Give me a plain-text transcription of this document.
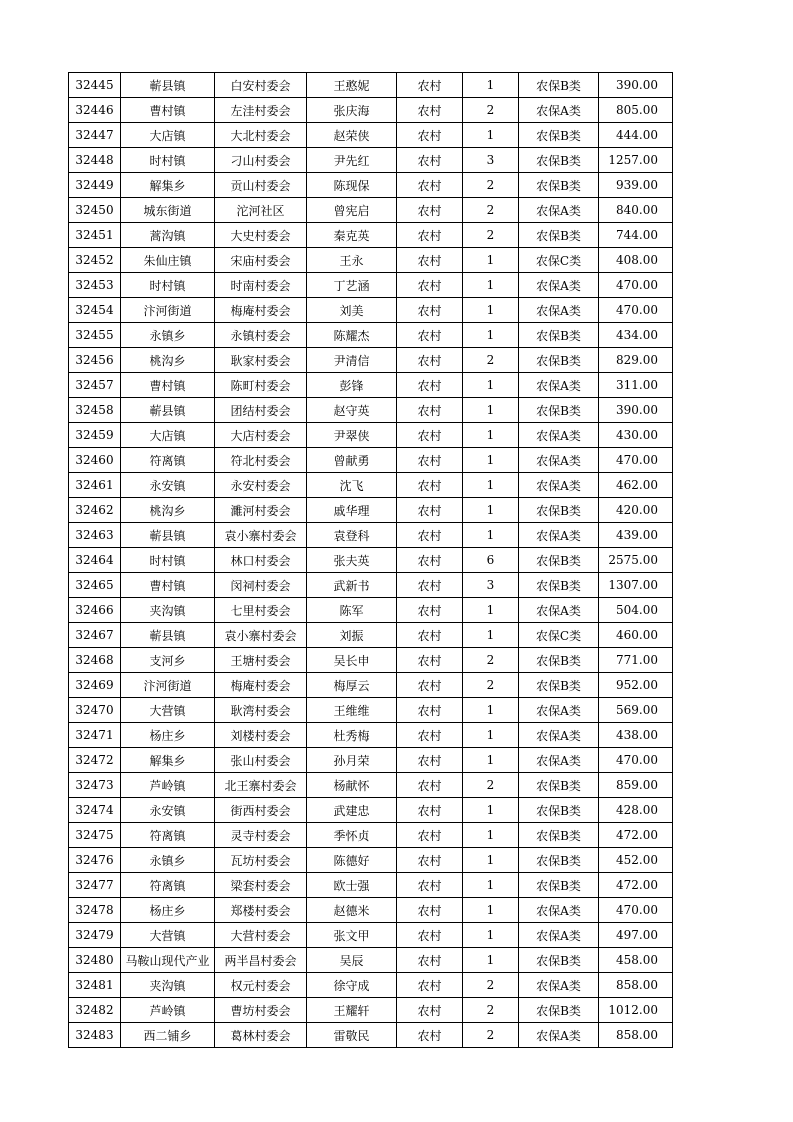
32445	蕲县镇	白安村委会	王憨妮	农村	1	农保B类	390.00
32446	曹村镇	左洼村委会	张庆海	农村	2	农保A类	805.00
32447	大店镇	大北村委会	赵荣侠	农村	1	农保B类	444.00
32448	时村镇	刁山村委会	尹先红	农村	3	农保B类	1257.00
32449	解集乡	贡山村委会	陈现保	农村	2	农保B类	939.00
32450	城东街道	沱河社区	曾宪启	农村	2	农保A类	840.00
32451	蒿沟镇	大史村委会	秦克英	农村	2	农保B类	744.00
32452	朱仙庄镇	宋庙村委会	王永	农村	1	农保C类	408.00
32453	时村镇	时南村委会	丁艺涵	农村	1	农保A类	470.00
32454	汴河街道	梅庵村委会	刘美	农村	1	农保A类	470.00
32455	永镇乡	永镇村委会	陈耀杰	农村	1	农保B类	434.00
32456	桃沟乡	耿家村委会	尹清信	农村	2	农保B类	829.00
32457	曹村镇	陈町村委会	彭锋	农村	1	农保A类	311.00
32458	蕲县镇	团结村委会	赵守英	农村	1	农保B类	390.00
32459	大店镇	大店村委会	尹翠侠	农村	1	农保A类	430.00
32460	符离镇	符北村委会	曾献勇	农村	1	农保A类	470.00
32461	永安镇	永安村委会	沈飞	农村	1	农保A类	462.00
32462	桃沟乡	濉河村委会	戚华理	农村	1	农保B类	420.00
32463	蕲县镇	袁小寨村委会	袁登科	农村	1	农保A类	439.00
32464	时村镇	林口村委会	张夫英	农村	6	农保B类	2575.00
32465	曹村镇	闵祠村委会	武新书	农村	3	农保B类	1307.00
32466	夹沟镇	七里村委会	陈军	农村	1	农保A类	504.00
32467	蕲县镇	袁小寨村委会	刘振	农村	1	农保C类	460.00
32468	支河乡	王塘村委会	吴长申	农村	2	农保B类	771.00
32469	汴河街道	梅庵村委会	梅厚云	农村	2	农保B类	952.00
32470	大营镇	耿湾村委会	王维维	农村	1	农保A类	569.00
32471	杨庄乡	刘楼村委会	杜秀梅	农村	1	农保A类	438.00
32472	解集乡	张山村委会	孙月荣	农村	1	农保A类	470.00
32473	芦岭镇	北王寨村委会	杨献怀	农村	2	农保B类	859.00
32474	永安镇	街西村委会	武建忠	农村	1	农保B类	428.00
32475	符离镇	灵寺村委会	季怀贞	农村	1	农保B类	472.00
32476	永镇乡	瓦坊村委会	陈德好	农村	1	农保B类	452.00
32477	符离镇	梁套村委会	欧士强	农村	1	农保B类	472.00
32478	杨庄乡	郑楼村委会	赵德米	农村	1	农保A类	470.00
32479	大营镇	大营村委会	张文甲	农村	1	农保A类	497.00
32480	马鞍山现代产业	两半昌村委会	吴辰	农村	1	农保B类	458.00
32481	夹沟镇	权元村委会	徐守成	农村	2	农保A类	858.00
32482	芦岭镇	曹坊村委会	王耀轩	农村	2	农保B类	1012.00
32483	西二铺乡	葛林村委会	雷敬民	农村	2	农保A类	858.00
